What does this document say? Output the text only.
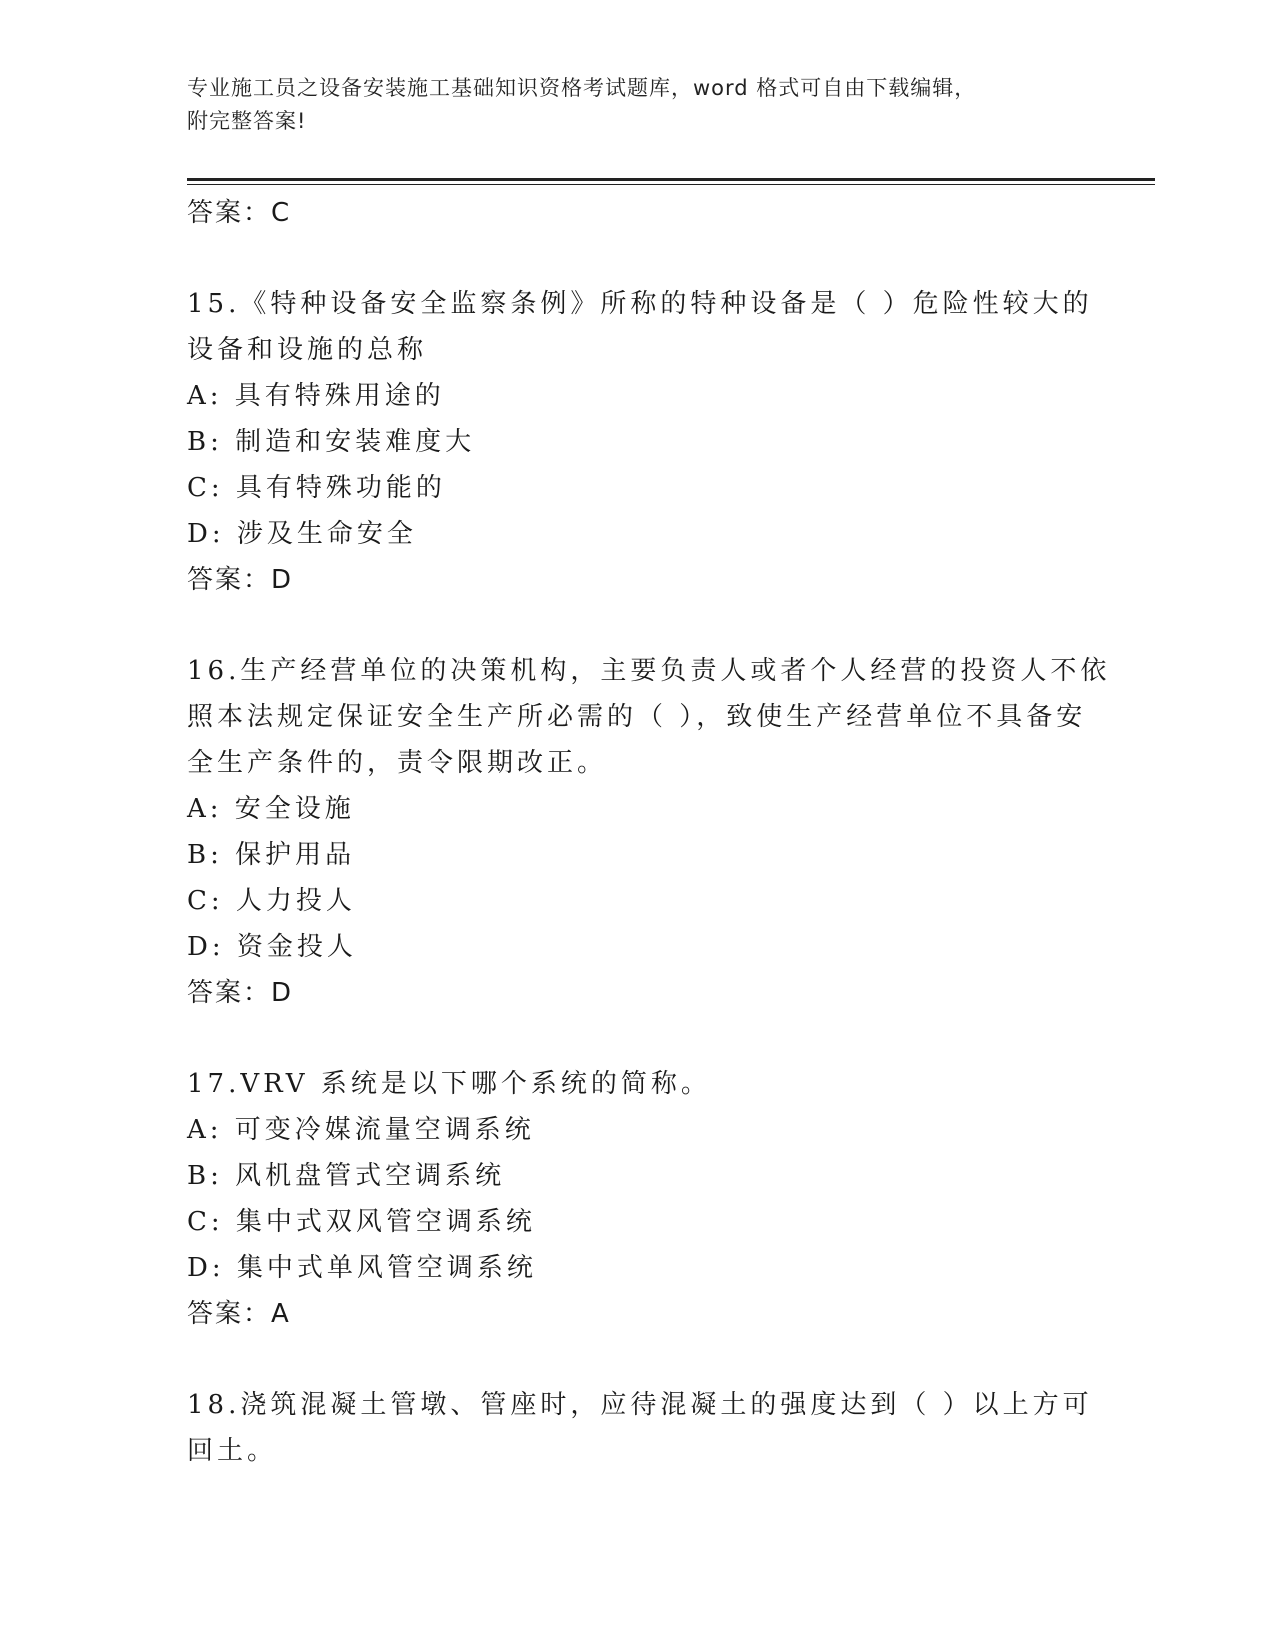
专业施工员之设备安装施工基础知识资格考试题库，word 格式可自由下载编辑，
附完整答案!
答案：C
15.《特种设备安全监察条例》所称的特种设备是（ ）危险性较大的
设备和设施的总称
A: 具有特殊用途的
B: 制造和安装难度大
C: 具有特殊功能的
D: 涉及生命安全
答案：D
16.生产经营单位的决策机构，主要负责人或者个人经营的投资人不依
照本法规定保证安全生产所必需的（ ），致使生产经营单位不具备安
全生产条件的，责令限期改正。
A: 安全设施
B: 保护用品
C: 人力投人
D: 资金投人
答案：D
17.VRV 系统是以下哪个系统的简称。
A: 可变冷媒流量空调系统
B: 风机盘管式空调系统
C: 集中式双风管空调系统
D: 集中式单风管空调系统
答案：A
18.浇筑混凝土管墩、管座时，应待混凝土的强度达到（ ）以上方可
回土。
